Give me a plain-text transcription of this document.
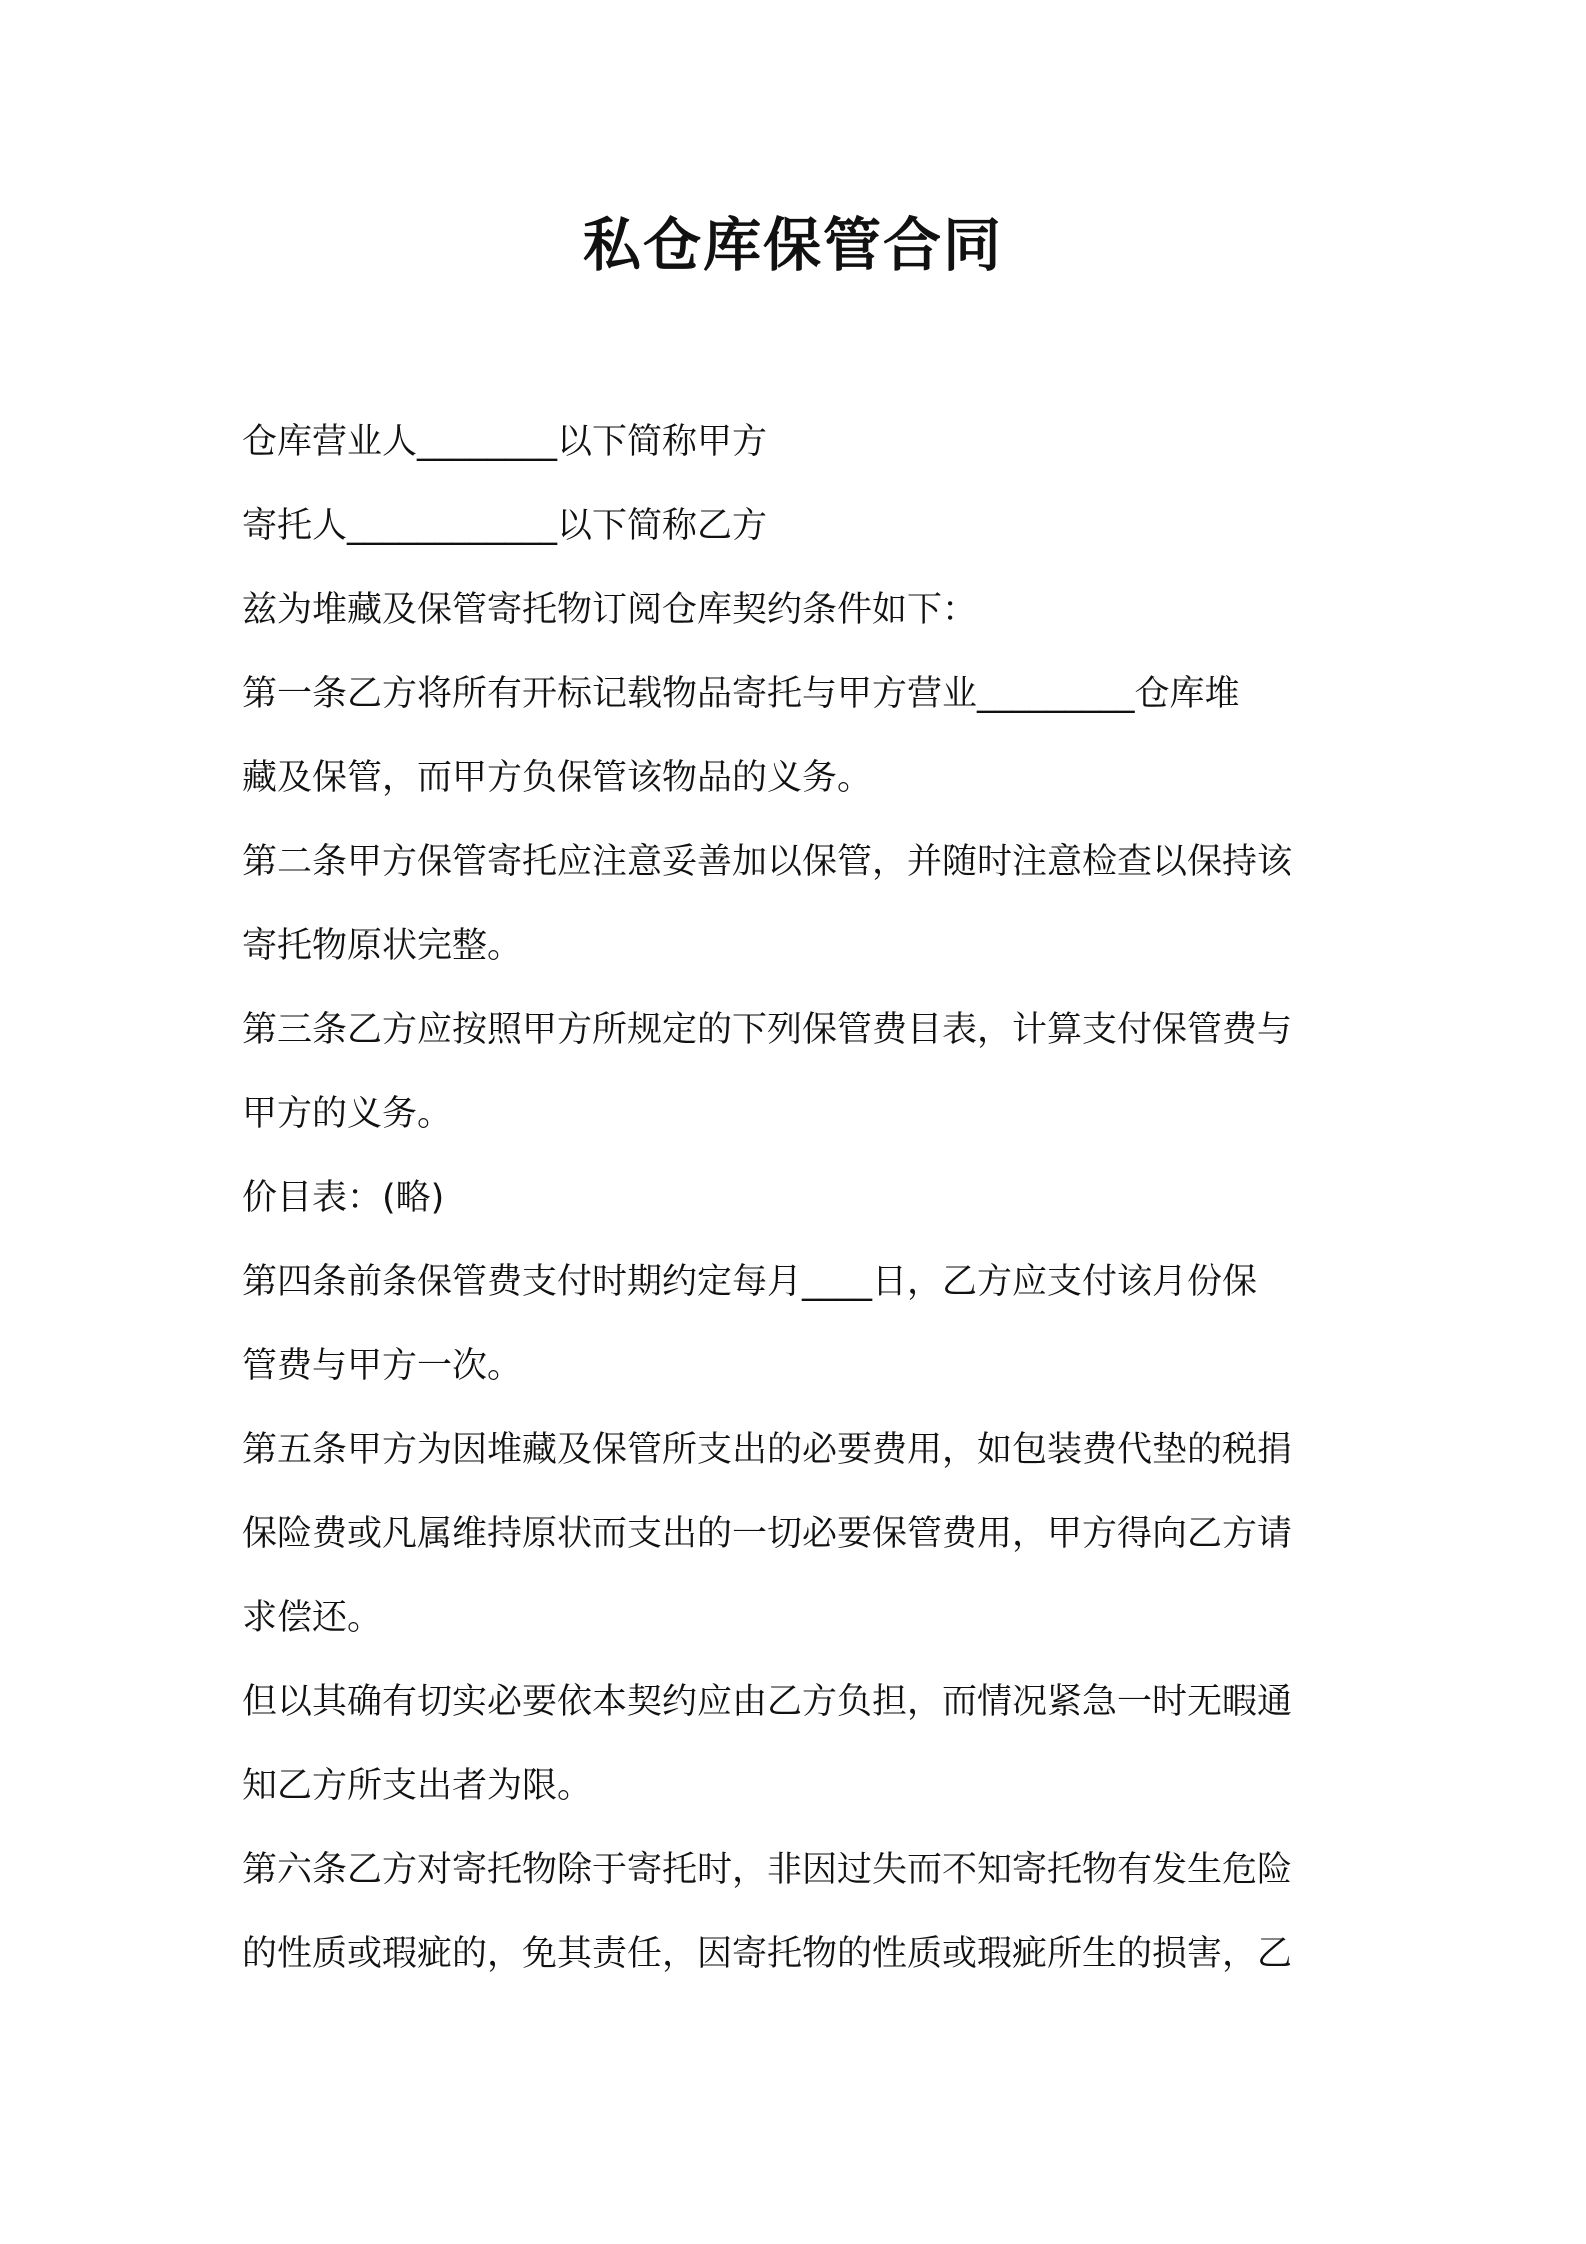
私仓库保管合同

仓库营业人________以下简称甲方

寄托人____________以下简称乙方

兹为堆藏及保管寄托物订阅仓库契约条件如下：

第一条乙方将所有开标记载物品寄托与甲方营业_________仓库堆

藏及保管，而甲方负保管该物品的义务。

第二条甲方保管寄托应注意妥善加以保管，并随时注意检查以保持该

寄托物原状完整。

第三条乙方应按照甲方所规定的下列保管费目表，计算支付保管费与

甲方的义务。

价目表：(略)

第四条前条保管费支付时期约定每月____日，乙方应支付该月份保

管费与甲方一次。

第五条甲方为因堆藏及保管所支出的必要费用，如包装费代垫的税捐

保险费或凡属维持原状而支出的一切必要保管费用，甲方得向乙方请

求偿还。

但以其确有切实必要依本契约应由乙方负担，而情况紧急一时无暇通

知乙方所支出者为限。

第六条乙方对寄托物除于寄托时，非因过失而不知寄托物有发生危险

的性质或瑕疵的，免其责任，因寄托物的性质或瑕疵所生的损害，乙
